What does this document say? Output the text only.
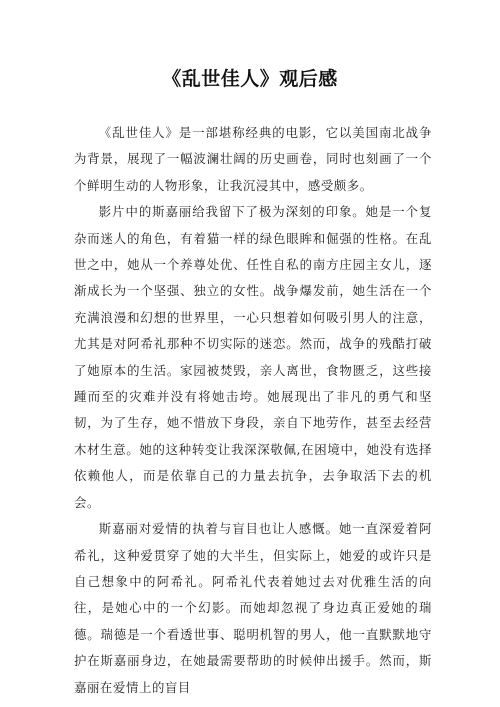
《乱世佳人》观后感

《乱世佳人》是一部堪称经典的电影，它以美国南北战争为背景，展现了一幅波澜壮阔的历史画卷，同时也刻画了一个个鲜明生动的人物形象，让我沉浸其中，感受颇多。

影片中的斯嘉丽给我留下了极为深刻的印象。她是一个复杂而迷人的角色，有着猫一样的绿色眼眸和倔强的性格。在乱世之中，她从一个养尊处优、任性自私的南方庄园主女儿，逐渐成长为一个坚强、独立的女性。战争爆发前，她生活在一个充满浪漫和幻想的世界里，一心只想着如何吸引男人的注意，尤其是对阿希礼那种不切实际的迷恋。然而，战争的残酷打破了她原本的生活。家园被焚毁，亲人离世，食物匮乏，这些接踵而至的灾难并没有将她击垮。她展现出了非凡的勇气和坚韧，为了生存，她不惜放下身段，亲自下地劳作，甚至去经营木材生意。她的这种转变让我深深敬佩,在困境中，她没有选择依赖他人，而是依靠自己的力量去抗争，去争取活下去的机会。

斯嘉丽对爱情的执着与盲目也让人感慨。她一直深爱着阿希礼，这种爱贯穿了她的大半生，但实际上，她爱的或许只是自己想象中的阿希礼。阿希礼代表着她过去对优雅生活的向往，是她心中的一个幻影。而她却忽视了身边真正爱她的瑞德。瑞德是一个看透世事、聪明机智的男人，他一直默默地守护在斯嘉丽身边，在她最需要帮助的时候伸出援手。然而，斯嘉丽在爱情上的盲目
